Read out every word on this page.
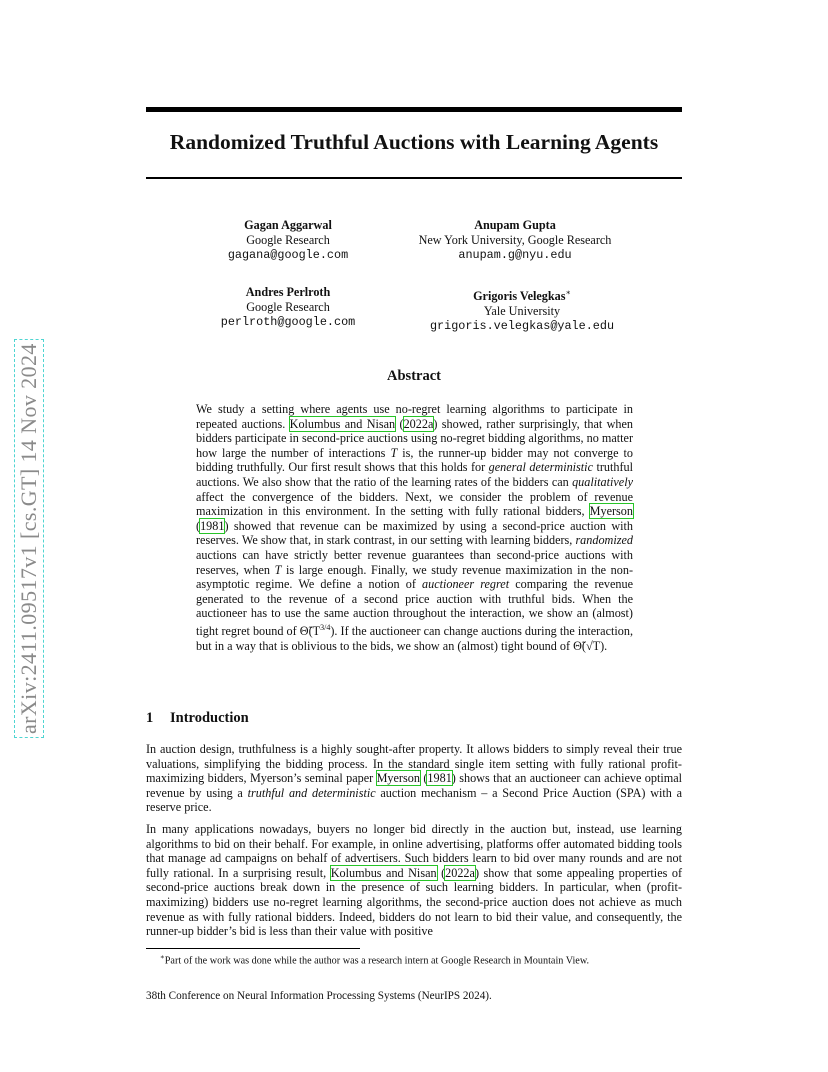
arXiv:2411.09517v1 [cs.GT] 14 Nov 2024
Randomized Truthful Auctions with Learning Agents
Gagan Aggarwal
Google Research
gagana@google.com
Anupam Gupta
New York University, Google Research
anupam.g@nyu.edu
Andres Perlroth
Google Research
perlroth@google.com
Grigoris Velegkas∗
Yale University
grigoris.velegkas@yale.edu
Abstract

We study a setting where agents use no-regret learning algorithms to participate in repeated auctions. Kolumbus and Nisan (2022a) showed, rather surprisingly, that when bidders participate in second-price auctions using no-regret bidding algorithms, no matter how large the number of interactions T is, the runner-up bidder may not converge to bidding truthfully. Our first result shows that this holds for general deterministic truthful auctions. We also show that the ratio of the learning rates of the bidders can qualitatively affect the convergence of the bidders. Next, we consider the problem of revenue maximization in this environment. In the setting with fully rational bidders, Myerson (1981) showed that revenue can be maximized by using a second-price auction with reserves. We show that, in stark contrast, in our setting with learning bidders, randomized auctions can have strictly better revenue guarantees than second-price auctions with reserves, when T is large enough. Finally, we study revenue maximization in the non-asymptotic regime. We define a notion of auctioneer regret comparing the revenue generated to the revenue of a second price auction with truthful bids. When the auctioneer has to use the same auction throughout the interaction, we show an (almost) tight regret bound of $\Thetã(T^{3/4})$. If the auctioneer can change auctions during the interaction, but in a way that is oblivious to the bids, we show an (almost) tight bound of Θ̃(√T).

1 Introduction

In auction design, truthfulness is a highly sought-after property. It allows bidders to simply reveal their true valuations, simplifying the bidding process. In the standard single item setting with fully rational profit-maximizing bidders, Myerson’s seminal paper Myerson (1981) shows that an auctioneer can achieve optimal revenue by using a truthful and deterministic auction mechanism – a Second Price Auction (SPA) with a reserve price.

In many applications nowadays, buyers no longer bid directly in the auction but, instead, use learning algorithms to bid on their behalf. For example, in online advertising, platforms offer automated bidding tools that manage ad campaigns on behalf of advertisers. Such bidders learn to bid over many rounds and are not fully rational. In a surprising result, Kolumbus and Nisan (2022a) show that some appealing properties of second-price auctions break down in the presence of such learning bidders. In particular, when (profit-maximizing) bidders use no-regret learning algorithms, the second-price auction does not achieve as much revenue as with fully rational bidders. Indeed, bidders do not learn to bid their value, and consequently, the runner-up bidder’s bid is less than their value with positive

∗Part of the work was done while the author was a research intern at Google Research in Mountain View.
38th Conference on Neural Information Processing Systems (NeurIPS 2024).
